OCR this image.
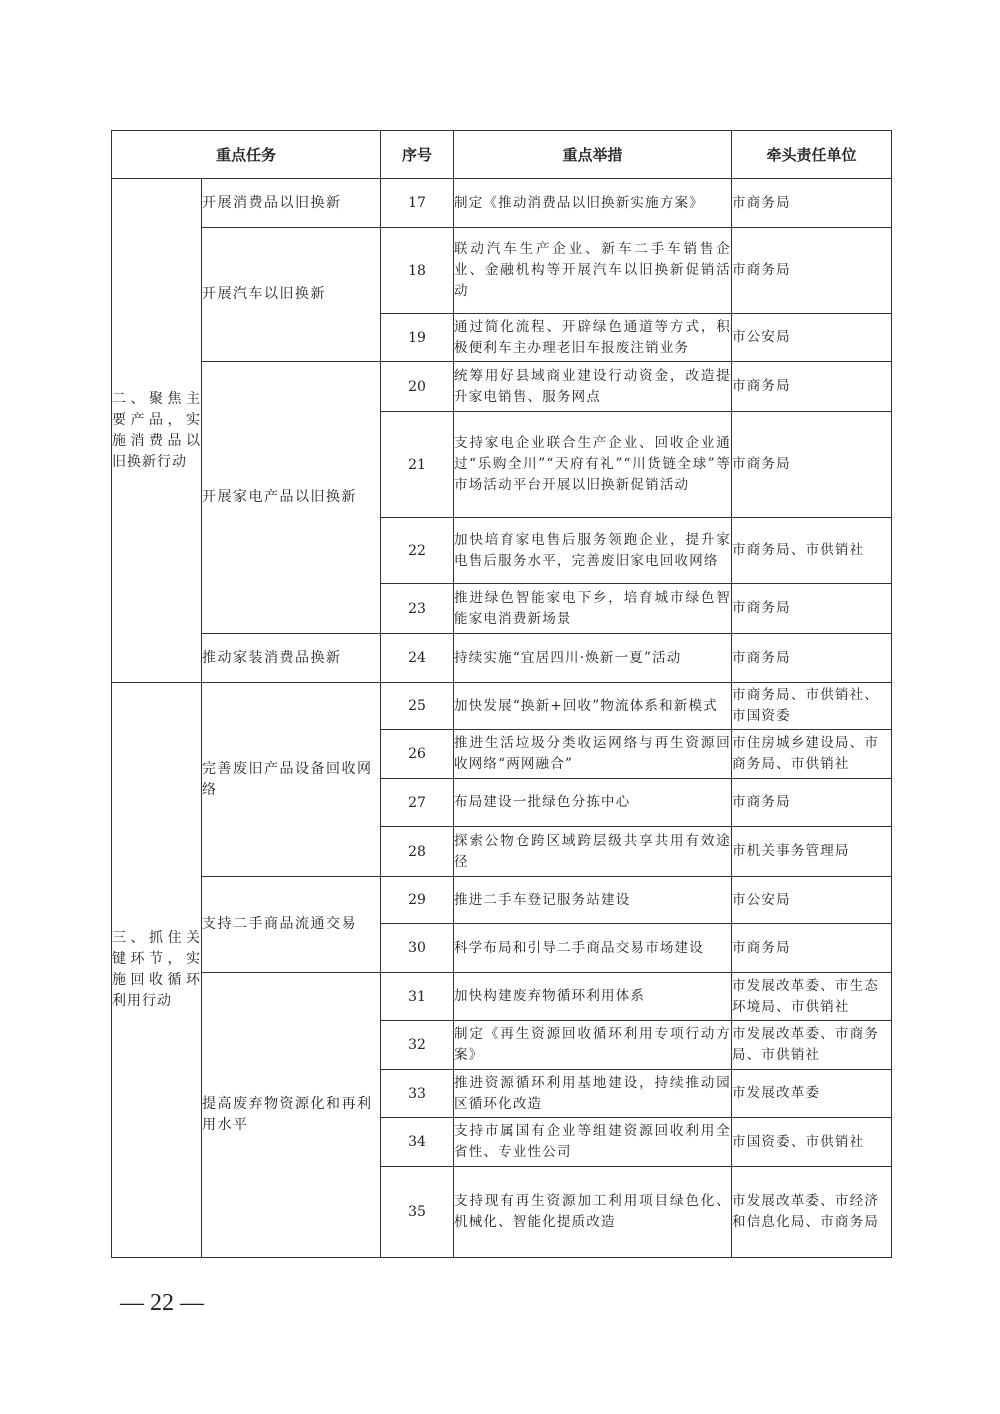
重点任务		序号	重点举措	牵头责任单位
二、聚焦主要产品，实施消费品以旧换新行动	开展消费品以旧换新	17	制定《推动消费品以旧换新实施方案》	市商务局
	开展汽车以旧换新	18	联动汽车生产企业、新车二手车销售企业、金融机构等开展汽车以旧换新促销活动	市商务局
		19	通过简化流程、开辟绿色通道等方式，积极便利车主办理老旧车报废注销业务	市公安局
	开展家电产品以旧换新	20	统筹用好县域商业建设行动资金，改造提升家电销售、服务网点	市商务局
		21	支持家电企业联合生产企业、回收企业通过“乐购全川”“天府有礼”“川货链全球”等市场活动平台开展以旧换新促销活动	市商务局
		22	加快培育家电售后服务领跑企业，提升家电售后服务水平，完善废旧家电回收网络	市商务局、市供销社
		23	推进绿色智能家电下乡，培育城市绿色智能家电消费新场景	市商务局
	推动家装消费品换新	24	持续实施“宜居四川·焕新一夏”活动	市商务局
三、抓住关键环节，实施回收循环利用行动	完善废旧产品设备回收网络	25	加快发展“换新+回收”物流体系和新模式	市商务局、市供销社、市国资委
		26	推进生活垃圾分类收运网络与再生资源回收网络“两网融合”	市住房城乡建设局、市商务局、市供销社
		27	布局建设一批绿色分拣中心	市商务局
		28	探索公物仓跨区域跨层级共享共用有效途径	市机关事务管理局
	支持二手商品流通交易	29	推进二手车登记服务站建设	市公安局
		30	科学布局和引导二手商品交易市场建设	市商务局
	提高废弃物资源化和再利用水平	31	加快构建废弃物循环利用体系	市发展改革委、市生态环境局、市供销社
		32	制定《再生资源回收循环利用专项行动方案》	市发展改革委、市商务局、市供销社
		33	推进资源循环利用基地建设，持续推动园区循环化改造	市发展改革委
		34	支持市属国有企业等组建资源回收利用全省性、专业性公司	市国资委、市供销社
		35	支持现有再生资源加工利用项目绿色化、机械化、智能化提质改造	市发展改革委、市经济和信息化局、市商务局
— 22 —
